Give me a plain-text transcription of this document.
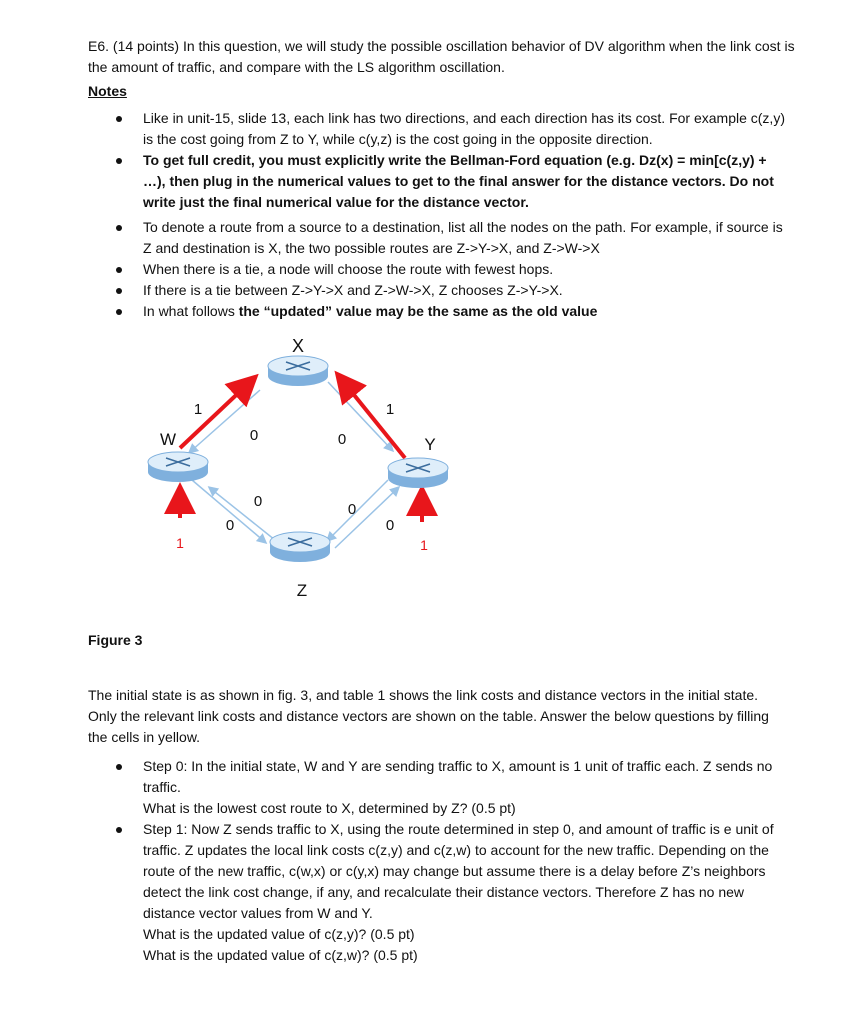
E6. (14 points) In this question, we will study the possible oscillation behavior of DV algorithm when the link cost is the amount of traffic, and compare with the LS algorithm oscillation.
Notes
Like in unit-15, slide 13, each link has two directions, and each direction has its cost. For example c(z,y) is the cost going from Z to Y, while c(y,z) is the cost going in the opposite direction.
To get full credit, you must explicitly write the Bellman-Ford equation (e.g. Dz(x) = min[c(z,y) + …), then plug in the numerical values to get to the final answer for the distance vectors. Do not write just the final numerical value for the distance vector.
To denote a route from a source to a destination, list all the nodes on the path. For example, if source is Z and destination is X, the two possible routes are Z->Y->X, and Z->W->X
When there is a tie, a node will choose the route with fewest hops.
If there is a tie between Z->Y->X and Z->W->X, Z chooses Z->Y->X.
In what follows the “updated” value may be the same as the old value
X
W	Y
Z
1	1
0	0
0
0
0
0
1	1
Figure 3
The initial state is as shown in fig. 3, and table 1 shows the link costs and distance vectors in the initial state. Only the relevant link costs and distance vectors are shown on the table. Answer the below questions by filling the cells in yellow.
Step 0: In the initial state, W and Y are sending traffic to X, amount is 1 unit of traffic each. Z sends no traffic.
What is the lowest cost route to X, determined by Z? (0.5 pt)
Step 1: Now Z sends traffic to X, using the route determined in step 0, and amount of traffic is e unit of traffic. Z updates the local link costs c(z,y) and c(z,w) to account for the new traffic. Depending on the route of the new traffic, c(w,x) or c(y,x) may change but assume there is a delay before Z’s neighbors detect the link cost change, if any, and recalculate their distance vectors. Therefore Z has no new distance vector values from W and Y.
What is the updated value of c(z,y)? (0.5 pt)
What is the updated value of c(z,w)? (0.5 pt)
